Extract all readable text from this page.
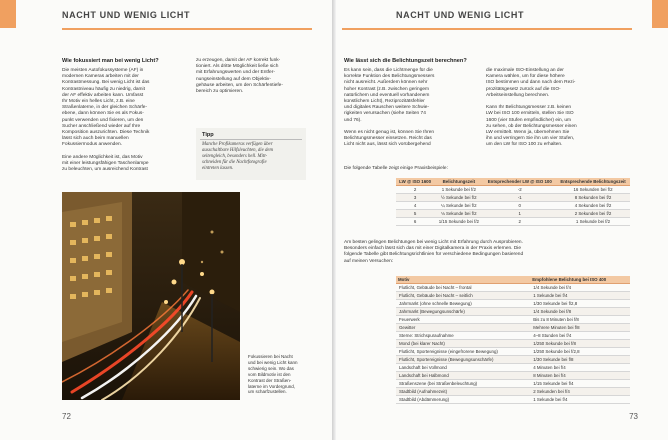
NACHT UND WENIG LICHT
Wie fokussiert man bei wenig Licht?
Die meisten Autofokussysteme (AF) in
modernen Kameras arbeiten mit der
Kontrastmessung. Bei wenig Licht ist das
Kontrastniveau häufig zu niedrig, damit
der AF effektiv arbeiten kann. Umfasst
Ihr Motiv ein helles Licht, z.B. eine
Straßenlaterne, in der gleichen Schärfe-
ebene, dann können Sie es als Fokus-
punkt verwenden und fixieren, um den
Sucher anschließend wieder auf Ihre
Komposition auszurichten. Diese Technik
lässt sich auch beim manuellen
Fokussiermodus anwenden.

Eine andere Möglichkeit ist, das Motiv
mit einer leistungsfähigen Taschenlampe
zu beleuchten, um ausreichend Kontrast
zu erzeugen, damit der AF korrekt funk-
tioniert. Als dritte Möglichkeit ließe sich
mit Erfahrungswerten und der Entfer-
nungseinstellung auf dem Objektiv-
gehäuse arbeiten, um den Schärfentiefe-
bereich zu optimieren.
Tipp
Manche Profikameras verfügen über
ausschaltbare Hilfsleuchten, die dem
seitengleich, besonders hell. Mitt-
schneiden für die Nachtfotografie
eintreten lassen.
Fokussieren bei Nacht
und bei wenig Licht kann
schwierig sein. Wo das
vom Bildmotiv ist den
Kontrast der Straßen-
laterne im Vordergrund,
um scharfzustellen.
72
NACHT UND WENIG LICHT
Wie lässt sich die Belichtungszeit berechnen?
Es kann sein, dass die Lichtmenge für die
korrekte Funktion des Belichtungsmessers
nicht ausreicht. Außerdem können sehr
hoher Kontrast (z.B. zwischen geringem
natürlichem und eventuell vorhandenem
künstlichem Licht), Reziprozitätsfehler
und digitales Rauschen weitere Schwie-
rigkeiten verursachen (siehe Seiten 74
und 76).

Wenn es nicht genug ist, können Sie Ihren
Belichtungsmesser einsetzen. Reicht das
Licht nicht aus, lässt sich vorübergehend
die maximale ISO-Einstellung an der
Kamera wählen, um für diese höhere
ISO bestimmen und dann nach dem Rezi-
prozitätsgesetz zurück auf die ISO-
Arbeitseinstellung berechnen.

Kann Ihr Belichtungsmesser z.B. keinen
LW bei ISO 100 ermitteln, stellen Sie ISO
1600 (vier Stufen empfindlicher) ein, um
zu sehen, ob der Belichtungsmesser einen
LW ermittelt. Wenn ja, übernehmen Sie
ihn und verringern Sie ihn um vier Stufen,
um den LW für ISO 100 zu erhalten.
Die folgende Tabelle zeigt einige Praxisbeispiele:
LW @ ISO 1600	Belichtungszeit	Entsprechender LW @ ISO 100	Entsprechende Belichtungszeit
2	1 Sekunde bei f/2	-2	16 Sekunden bei f/2
3	½ Sekunde bei f/2	-1	8 Sekunden bei f/2
4	¼ Sekunde bei f/2	0	4 Sekunden bei f/2
5	⅛ Sekunde bei f/2	1	2 Sekunden bei f/2
6	1/15 Sekunde bei f/2	2	1 Sekunde bei f/2
Am besten gelingen Belichtungen bei wenig Licht mit Erfahrung durch Ausprobieren.
Besonders einfach lässt sich das mit einer Digitalkamera in der Praxis erlernen. Die
folgende Tabelle gibt Belichtungsrichtlinien für verschiedene Bedingungen basierend
auf meinen Versuchen:
Motiv	Empfohlene Belichtung bei ISO 400
Flutlicht, Gebäude bei Nacht – frontal	1/4 Sekunde bei f/4
Flutlicht, Gebäude bei Nacht – seitlich	1 Sekunde bei f/4
Jahrmarkt (ohne schnelle Bewegung)	1/30 Sekunde bei f/2,8
Jahrmarkt (Bewegungsunschärfe)	1/4 Sekunde bei f/8
Feuerwerk	Bis zu 8 Minuten bei f/8
Gewitter	Mehrere Minuten bei f/8
Sterne: Strichspuraufnahme	4–8 Stunden bei f/4
Mond (bei klarer Nacht)	1/250 Sekunde bei f/8
Flutlicht, Sportereignisse (eingefrorene Bewegung)	1/250 Sekunde bei f/2,8
Flutlicht, Sportereignisse (Bewegungsunschärfe)	1/30 Sekunde bei f/8
Landschaft bei Vollmond	4 Minuten bei f/4
Landschaft bei Halbmond	8 Minuten bei f/4
Straßenszene (bei Straßenbeleuchtung)	1/15 Sekunde bei f/4
Stadtbild (Aufnahmezeit)	2 Sekunden bei f/4
Stadtbild (Abdämmerung)	1 Sekunde bei f/4
73
